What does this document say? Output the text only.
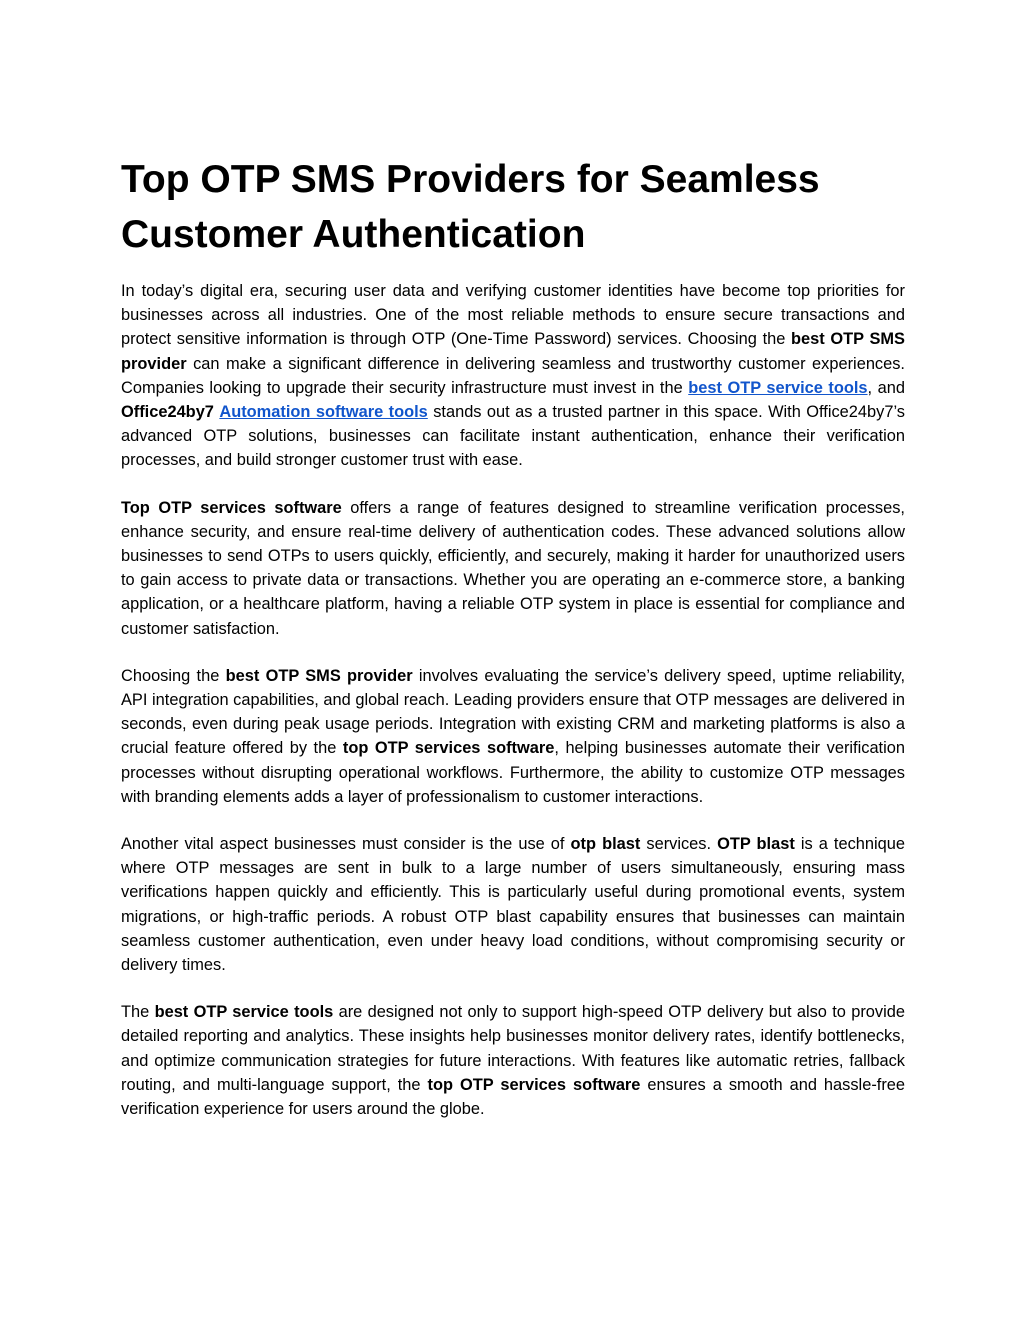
Top OTP SMS Providers for Seamless
Customer Authentication

In today’s digital era, securing user data and verifying customer identities have become top priorities for businesses across all industries. One of the most reliable methods to ensure secure transactions and protect sensitive information is through OTP (One-Time Password) services. Choosing the best OTP SMS provider can make a significant difference in delivering seamless and trustworthy customer experiences. Companies looking to upgrade their security infrastructure must invest in the best OTP service tools, and Office24by7 Automation software tools stands out as a trusted partner in this space. With Office24by7’s advanced OTP solutions, businesses can facilitate instant authentication, enhance their verification processes, and build stronger customer trust with ease.

Top OTP services software offers a range of features designed to streamline verification processes, enhance security, and ensure real-time delivery of authentication codes. These advanced solutions allow businesses to send OTPs to users quickly, efficiently, and securely, making it harder for unauthorized users to gain access to private data or transactions. Whether you are operating an e-commerce store, a banking application, or a healthcare platform, having a reliable OTP system in place is essential for compliance and customer satisfaction.

Choosing the best OTP SMS provider involves evaluating the service’s delivery speed, uptime reliability, API integration capabilities, and global reach. Leading providers ensure that OTP messages are delivered in seconds, even during peak usage periods. Integration with existing CRM and marketing platforms is also a crucial feature offered by the top OTP services software, helping businesses automate their verification processes without disrupting operational workflows. Furthermore, the ability to customize OTP messages with branding elements adds a layer of professionalism to customer interactions.

Another vital aspect businesses must consider is the use of otp blast services. OTP blast is a technique where OTP messages are sent in bulk to a large number of users simultaneously, ensuring mass verifications happen quickly and efficiently. This is particularly useful during promotional events, system migrations, or high-traffic periods. A robust OTP blast capability ensures that businesses can maintain seamless customer authentication, even under heavy load conditions, without compromising security or delivery times.

The best OTP service tools are designed not only to support high-speed OTP delivery but also to provide detailed reporting and analytics. These insights help businesses monitor delivery rates, identify bottlenecks, and optimize communication strategies for future interactions. With features like automatic retries, fallback routing, and multi-language support, the top OTP services software ensures a smooth and hassle-free verification experience for users around the globe.
